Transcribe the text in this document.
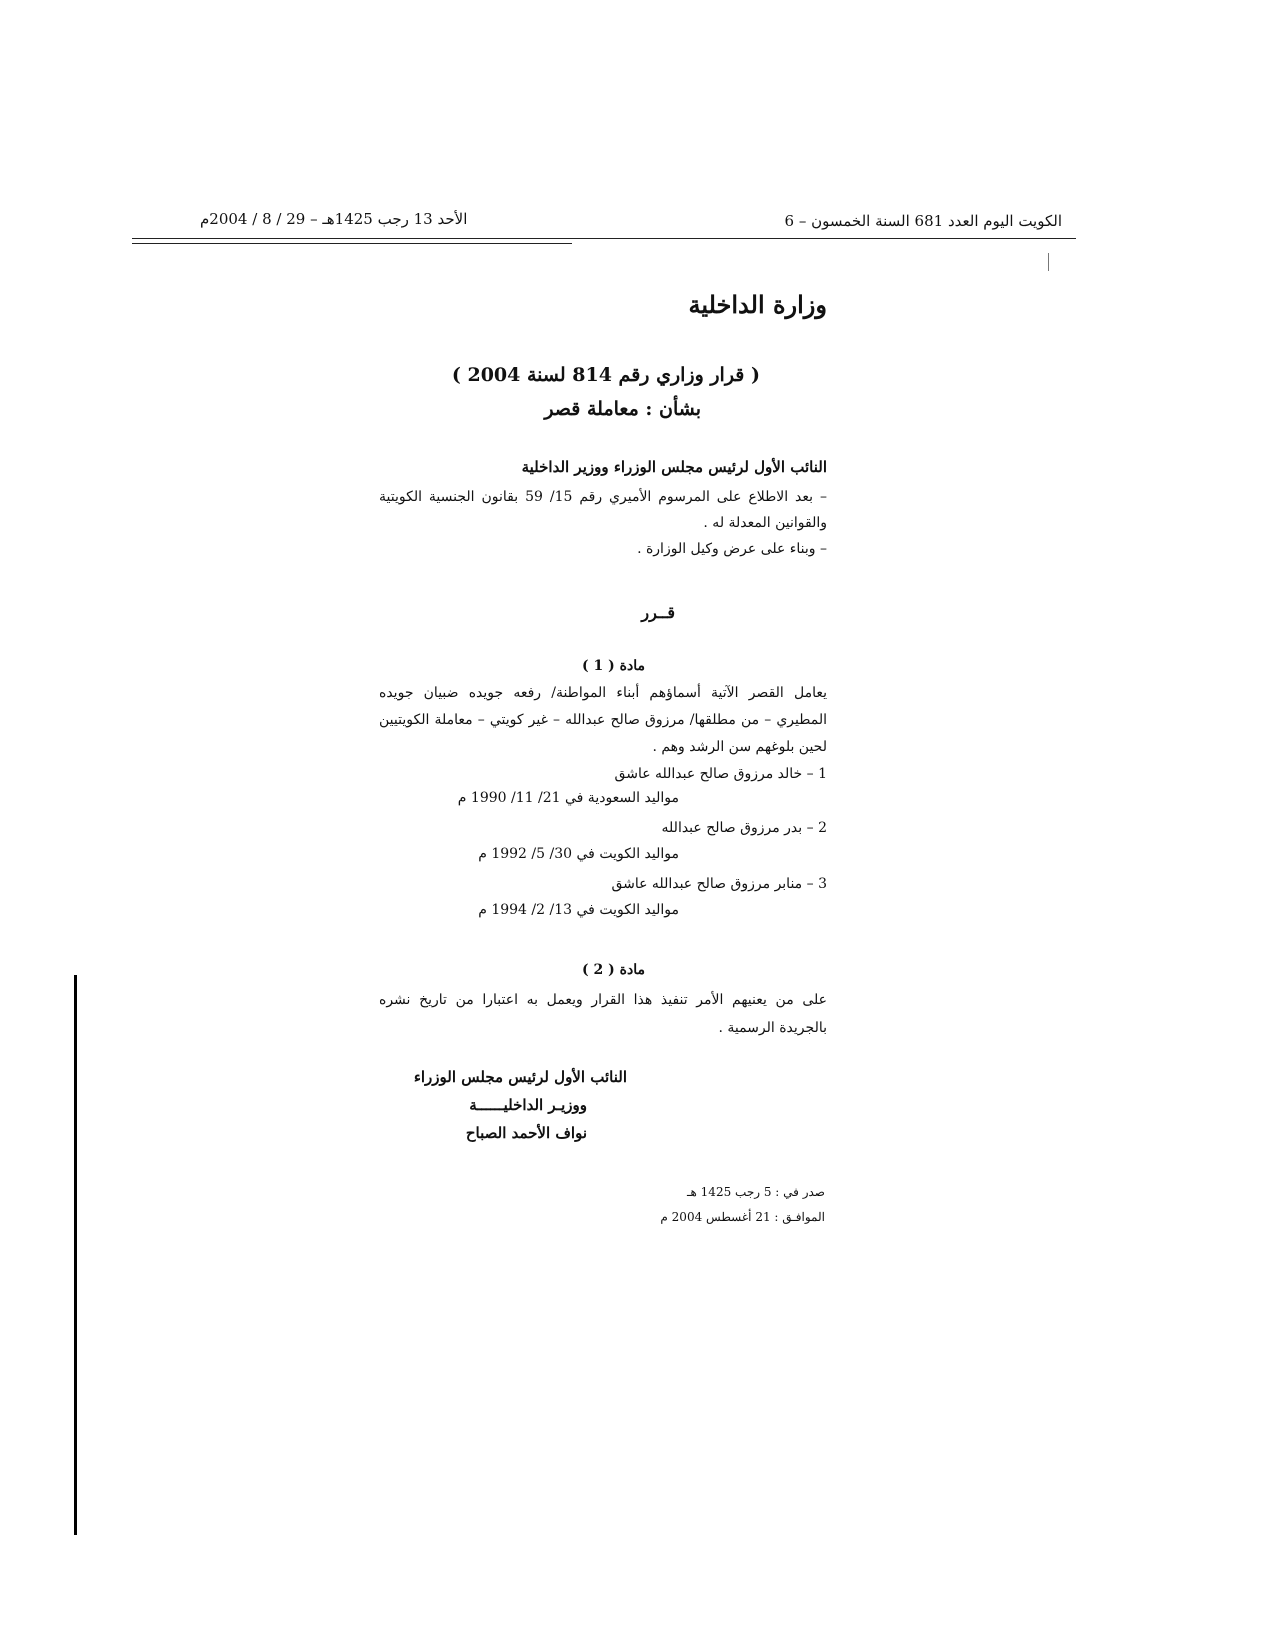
الكويت اليوم العدد 681 السنة الخمسون – 6
الأحد 13 رجب 1425هـ – 29 / 8 / 2004م
وزارة الداخلية
( قرار وزاري رقم 814 لسنة 2004 )
بشأن : معاملة قصر
النائب الأول لرئيس مجلس الوزراء ووزير الداخلية

– بعد الاطلاع على المرسوم الأميري رقم 15/ 59 بقانون الجنسية الكويتية والقوانين المعدلة له .

– وبناء على عرض وكيل الوزارة .

قــرر
مادة ( 1 )

يعامل القصر الآتية أسماؤهم أبناء المواطنة/ رفعه جويده ضبيان جويده المطيري – من مطلقها/ مرزوق صالح عبدالله – غير كويتي – معاملة الكويتيين لحين بلوغهم سن الرشد وهم .

1 – خالد مرزوق صالح عبدالله عاشق
مواليد السعودية في 21/ 11/ 1990 م
2 – بدر مرزوق صالح عبدالله
مواليد الكويت في 30/ 5/ 1992 م
3 – منابر مرزوق صالح عبدالله عاشق
مواليد الكويت في 13/ 2/ 1994 م
مادة ( 2 )

على من يعنيهم الأمر تنفيذ هذا القرار ويعمل به اعتبارا من تاريخ نشره بالجريدة الرسمية .

النائب الأول لرئيس مجلس الوزراء
ووزيـر الداخليــــــة
نواف الأحمد الصباح
صدر في : 5 رجب 1425 هـ
الموافـق : 21 أغسطس 2004 م
